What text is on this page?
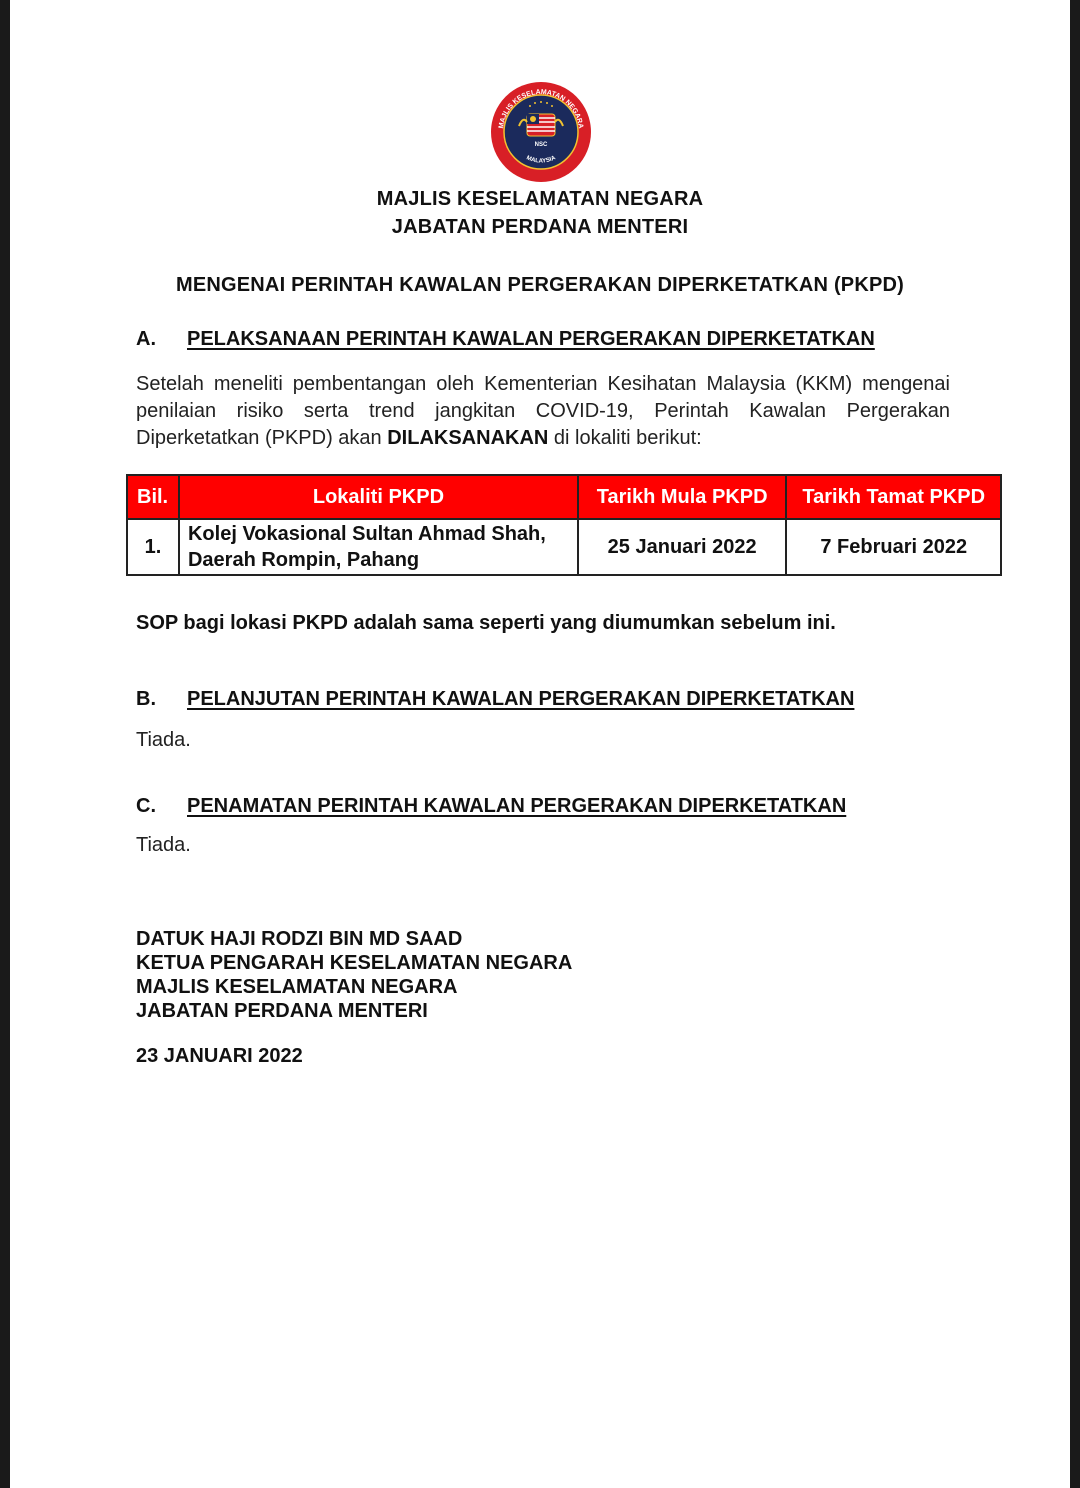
MAJLIS KESELAMATAN NEGARA
MALAYSIA
NSC
MAJLIS KESELAMATAN NEGARA
JABATAN PERDANA MENTERI
MENGENAI PERINTAH KAWALAN PERGERAKAN DIPERKETATKAN (PKPD)
A. PELAKSANAAN PERINTAH KAWALAN PERGERAKAN DIPERKETATKAN
Setelah meneliti pembentangan oleh Kementerian Kesihatan Malaysia (KKM) mengenai penilaian risiko serta trend jangkitan COVID-19, Perintah Kawalan Pergerakan Diperketatkan (PKPD) akan DILAKSANAKAN di lokaliti berikut:
Bil.	Lokaliti PKPD	Tarikh Mula PKPD	Tarikh Tamat PKPD
1.	Kolej Vokasional Sultan Ahmad Shah,
Daerah Rompin, Pahang	25 Januari 2022	7 Februari 2022
SOP bagi lokasi PKPD adalah sama seperti yang diumumkan sebelum ini.
B. PELANJUTAN PERINTAH KAWALAN PERGERAKAN DIPERKETATKAN
Tiada.
C. PENAMATAN PERINTAH KAWALAN PERGERAKAN DIPERKETATKAN
Tiada.
DATUK HAJI RODZI BIN MD SAAD
KETUA PENGARAH KESELAMATAN NEGARA
MAJLIS KESELAMATAN NEGARA
JABATAN PERDANA MENTERI
23 JANUARI 2022
